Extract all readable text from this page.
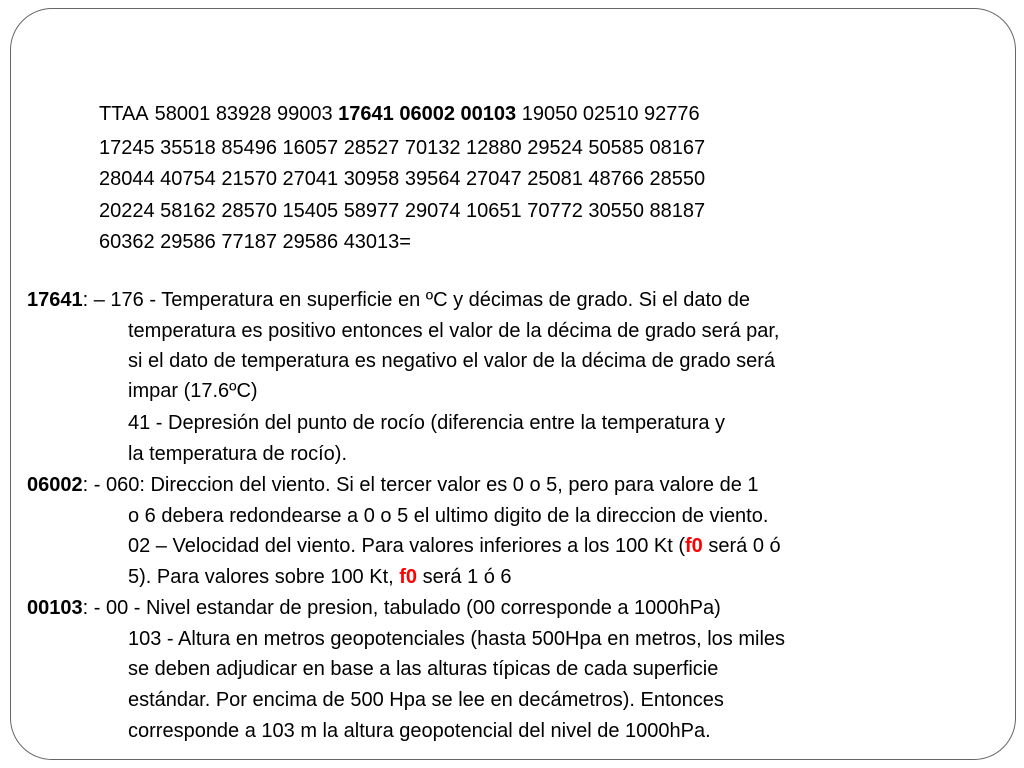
TTAA 58001 83928 99003 17641 06002 00103 19050 02510 92776
17245 35518 85496 16057 28527 70132 12880 29524 50585 08167
28044 40754 21570 27041 30958 39564 27047 25081 48766 28550
20224 58162 28570 15405 58977 29074 10651 70772 30550 88187
60362 29586 77187 29586 43013=
17641: – 176 - Temperatura en superficie en ºC y décimas de grado. Si el dato de
temperatura es positivo entonces el valor de la décima de grado será par,
si el dato de temperatura es negativo el valor de la décima de grado será
impar (17.6ºC)
41 - Depresión del punto de rocío (diferencia entre la temperatura y
la temperatura de rocío).
06002: - 060: Direccion del viento. Si el tercer valor es 0 o 5, pero para valore de 1
o 6 debera redondearse a 0 o 5 el ultimo digito de la direccion de viento.
02 – Velocidad del viento. Para valores inferiores a los 100 Kt (f0 será 0 ó
5). Para valores sobre 100 Kt, f0 será 1 ó 6
00103: - 00 - Nivel estandar de presion, tabulado (00 corresponde a 1000hPa)
103 - Altura en metros geopotenciales (hasta 500Hpa en metros, los miles
se deben adjudicar en base a las alturas típicas de cada superficie
estándar. Por encima de 500 Hpa se lee en decámetros). Entonces
corresponde a 103 m la altura geopotencial del nivel de 1000hPa.
